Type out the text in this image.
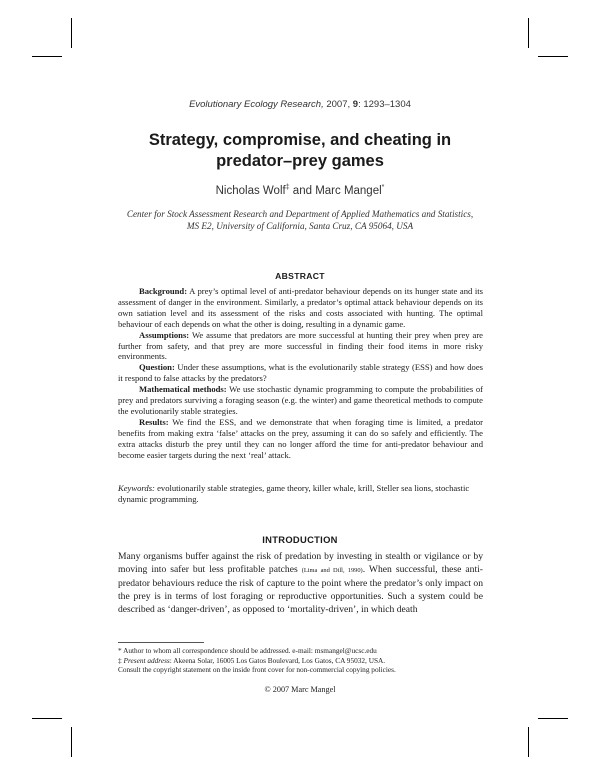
Evolutionary Ecology Research, 2007, 9: 1293–1304
Strategy, compromise, and cheating in
predator–prey games
Nicholas Wolf‡ and Marc Mangel*
Center for Stock Assessment Research and Department of Applied Mathematics and Statistics,
MS E2, University of California, Santa Cruz, CA 95064, USA
ABSTRACT

Background: A prey’s optimal level of anti-predator behaviour depends on its hunger state and its assessment of danger in the environment. Similarly, a predator’s optimal attack behaviour depends on its own satiation level and its assessment of the risks and costs associated with hunting. The optimal behaviour of each depends on what the other is doing, resulting in a dynamic game.

Assumptions: We assume that predators are more successful at hunting their prey when prey are further from safety, and that prey are more successful in finding their food items in more risky environments.

Question: Under these assumptions, what is the evolutionarily stable strategy (ESS) and how does it respond to false attacks by the predators?

Mathematical methods: We use stochastic dynamic programming to compute the probabilities of prey and predators surviving a foraging season (e.g. the winter) and game theoretical methods to compute the evolutionarily stable strategies.

Results: We find the ESS, and we demonstrate that when foraging time is limited, a predator benefits from making extra ‘false’ attacks on the prey, assuming it can do so safely and efficiently. The extra attacks disturb the prey until they can no longer afford the time for anti-predator behaviour and become easier targets during the next ‘real’ attack.

Keywords: evolutionarily stable strategies, game theory, killer whale, krill, Steller sea lions, stochastic dynamic programming.
INTRODUCTION

Many organisms buffer against the risk of predation by investing in stealth or vigilance or by moving into safer but less profitable patches (Lima and Dill, 1990). When successful, these anti-predator behaviours reduce the risk of capture to the point where the predator’s only impact on the prey is in terms of lost foraging or reproductive opportunities. Such a system could be described as ‘danger-driven’, as opposed to ‘mortality-driven’, in which death

* Author to whom all correspondence should be addressed. e-mail: msmangel@ucsc.edu
‡ Present address: Akeena Solar, 16005 Los Gatos Boulevard, Los Gatos, CA 95032, USA.
Consult the copyright statement on the inside front cover for non-commercial copying policies.
© 2007 Marc Mangel
